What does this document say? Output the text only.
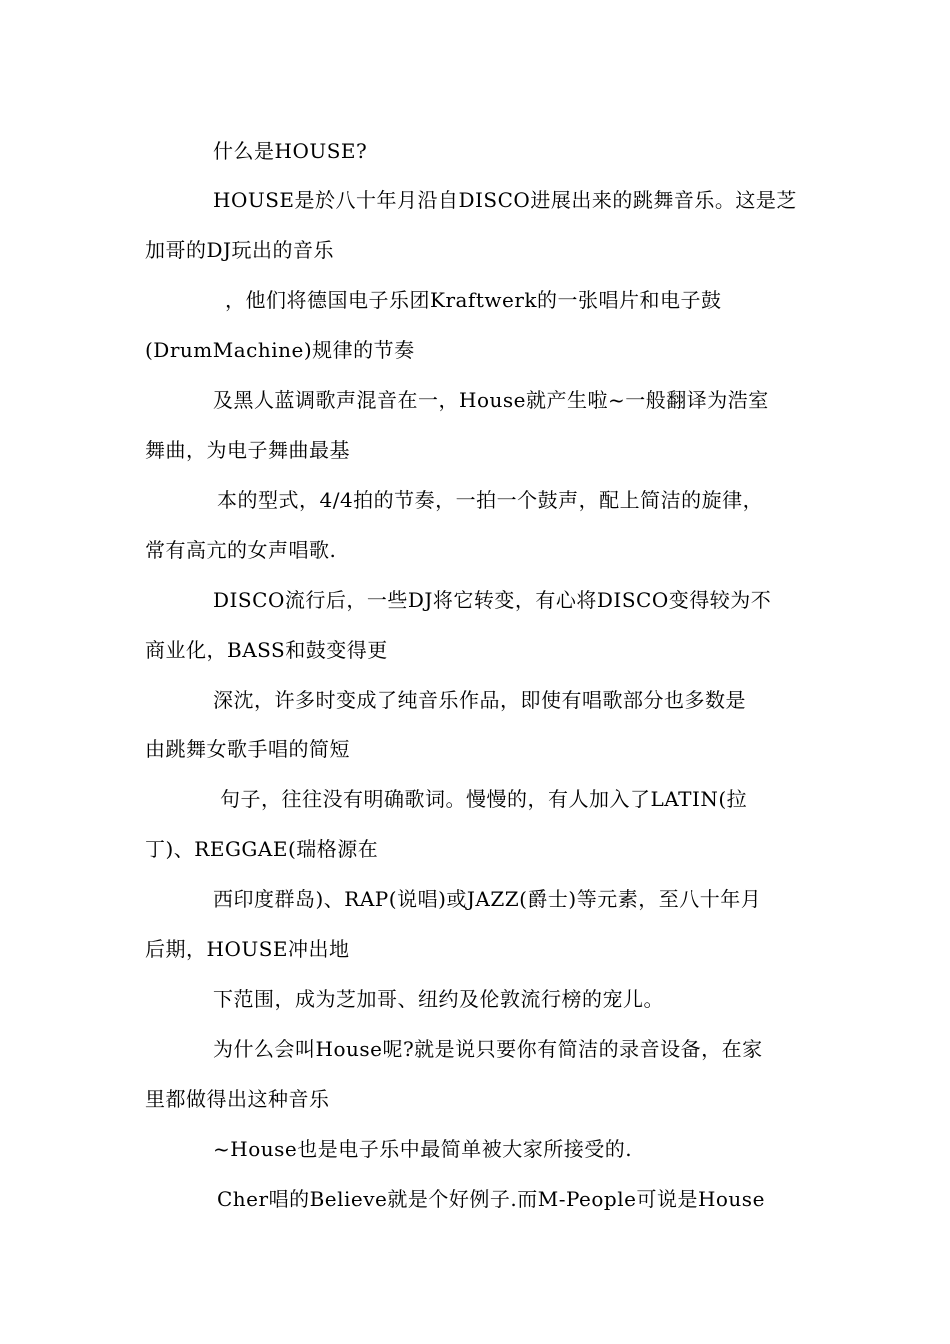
什么是HOUSE?
HOUSE是於八十年月沿自DISCO进展出来的跳舞音乐。这是芝
加哥的DJ玩出的音乐
，他们将德国电子乐团Kraftwerk的一张唱片和电子鼓
(DrumMachine)规律的节奏
及黑人蓝调歌声混音在一，House就产生啦~一般翻译为浩室
舞曲，为电子舞曲最基
本的型式，4/4拍的节奏，一拍一个鼓声，配上简洁的旋律，
常有高亢的女声唱歌.
DISCO流行后，一些DJ将它转变，有心将DISCO变得较为不
商业化，BASS和鼓变得更
深沈，许多时变成了纯音乐作品，即使有唱歌部分也多数是
由跳舞女歌手唱的简短
句子，往往没有明确歌词。慢慢的，有人加入了LATIN(拉
丁)、REGGAE(瑞格源在
西印度群岛)、RAP(说唱)或JAZZ(爵士)等元素，至八十年月
后期，HOUSE冲出地
下范围，成为芝加哥、纽约及伦敦流行榜的宠儿。
为什么会叫House呢?就是说只要你有简洁的录音设备，在家
里都做得出这种音乐
~House也是电子乐中最简单被大家所接受的.
Cher唱的Believe就是个好例子.而M-People可说是House
